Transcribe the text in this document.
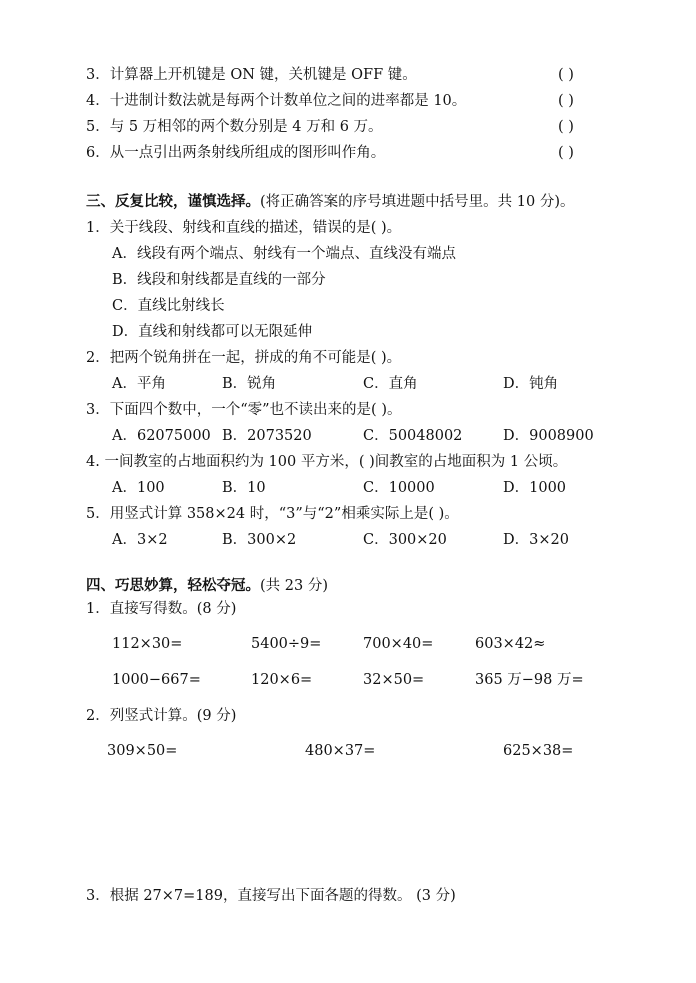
3．计算器上开机键是 ON 键，关机键是 OFF 键。	( )
4．十进制计数法就是每两个计数单位之间的进率都是 10。	( )
5．与 5 万相邻的两个数分别是 4 万和 6 万。	( )
6．从一点引出两条射线所组成的图形叫作角。	( )
三、反复比较，谨慎选择。(将正确答案的序号填进题中括号里。共 10 分)。
1．关于线段、射线和直线的描述，错误的是( )。
A．线段有两个端点、射线有一个端点、直线没有端点
B．线段和射线都是直线的一部分
C．直线比射线长
D．直线和射线都可以无限延伸
2．把两个锐角拼在一起，拼成的角不可能是( )。
A．平角	B．锐角	C．直角	D．钝角
3．下面四个数中，一个“零”也不读出来的是( )。
A．62075000 B．2073520	C．50048002	D．9008900
4. 一间教室的占地面积约为 100 平方米，( )间教室的占地面积为 1 公顷。
A．100	B．10	C．10000	D．1000
5．用竖式计算 358×24 时，“3”与“2”相乘实际上是( )。
A．3×2	B．300×2	C．300×20	D．3×20
四、巧思妙算，轻松夺冠。(共 23 分)
1．直接写得数。(8 分)
112×30=	5400÷9=	700×40=	603×42≈
1000−667=	120×6=	32×50=	365 万−98 万=
2．列竖式计算。(9 分)
309×50=	480×37=	625×38=
3．根据 27×7=189，直接写出下面各题的得数。 (3 分)
